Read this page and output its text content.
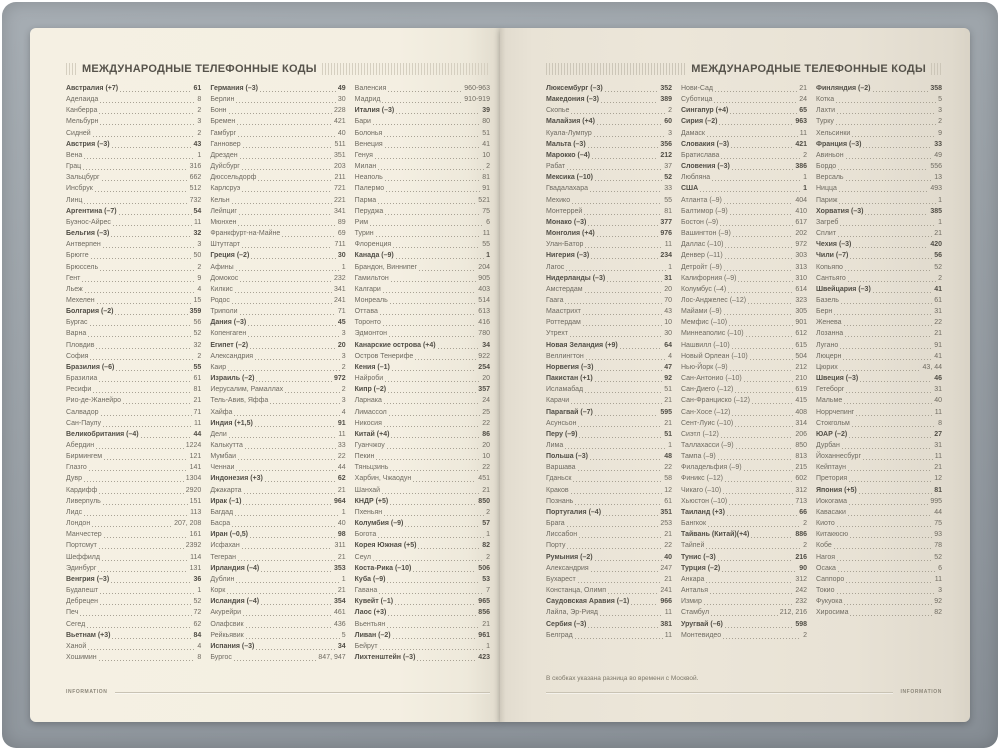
МЕЖДУНАРОДНЫЕ ТЕЛЕФОННЫЕ КОДЫ
Австралия (+7)	61
Аделаида	8
Канберра	2
Мельбурн	3
Сидней	2
Австрия (–3)	43
Вена	1
Грац	316
Зальцбург	662
Инсбрук	512
Линц	732
Аргентина (–7)	54
Буэнос-Айрес	11
Бельгия (–3)	32
Антверпен	3
Брюгге	50
Брюссель	2
Гент	9
Льеж	4
Мехелен	15
Болгария (–2)	359
Бургас	56
Варна	52
Пловдив	32
София	2
Бразилия (–6)	55
Бразилиа	61
Ресифи	81
Рио-де-Жанейро	21
Салвадор	71
Сан-Паулу	11
Великобритания (–4)	44
Абердин	1224
Бирмингем	121
Глазго	141
Дувр	1304
Кардифф	2920
Ливерпуль	151
Лидс	113
Лондон	207, 208
Манчестер	161
Портсмут	2392
Шеффилд	114
Эдинбург	131
Венгрия (–3)	36
Будапешт	1
Дебрецен	52
Печ	72
Сегед	62
Вьетнам (+3)	84
Ханой	4
Хошимин	8
Германия (–3)	49
Берлин	30
Бонн	228
Бремен	421
Гамбург	40
Ганновер	511
Дрезден	351
Дуйсбург	203
Дюссельдорф	211
Карлсруэ	721
Кельн	221
Лейпциг	341
Мюнхен	89
Франкфурт-на-Майне	69
Штутгарт	711
Греция (–2)	30
Афины	1
Домокос	232
Килкис	341
Родос	241
Триполи	71
Дания (–3)	45
Копенгаген	3
Египет (–2)	20
Александрия	3
Каир	2
Израиль (–2)	972
Иерусалим, Рамаллах	2
Тель-Авив, Яффа	3
Хайфа	4
Индия (+1,5)	91
Дели	11
Калькутта	33
Мумбаи	22
Ченнаи	44
Индонезия (+3)	62
Джакарта	21
Ирак (–1)	964
Багдад	1
Басра	40
Иран (–0,5)	98
Исфахан	311
Тегеран	21
Ирландия (–4)	353
Дублин	1
Корк	21
Исландия (–4)	354
Акурейри	461
Олафсвик	436
Рейкьявик	5
Испания (–3)	34
Бургос	847, 947
Валенсия	960-963
Мадрид	910-919
Италия (–3)	39
Бари	80
Болонья	51
Венеция	41
Генуя	10
Милан	2
Неаполь	81
Палермо	91
Парма	521
Перуджа	75
Рим	6
Турин	11
Флоренция	55
Канада (–9)	1
Брандон, Виннипег	204
Гамильтон	905
Калгари	403
Монреаль	514
Оттава	613
Торонто	416
Эдмонтон	780
Канарские острова (+4)	34
Остров Тенерифе	922
Кения (–1)	254
Найроби	20
Кипр (–2)	357
Ларнака	24
Лимассол	25
Никосия	22
Китай (+4)	86
Гуанчжоу	20
Пекин	10
Тяньцзинь	22
Харбин, Чжаодун	451
Шанхай	21
КНДР (+5)	850
Пхеньян	2
Колумбия (–9)	57
Богота	1
Корея Южная (+5)	82
Сеул	2
Коста-Рика (–10)	506
Куба (–9)	53
Гавана	7
Кувейт (–1)	965
Лаос (+3)	856
Вьентьян	21
Ливан (–2)	961
Бейрут	1
Лихтенштейн (–3)	423
INFORMATION
МЕЖДУНАРОДНЫЕ ТЕЛЕФОННЫЕ КОДЫ
Люксембург (–3)	352
Македония (–3)	389
Скопье	2
Малайзия (+4)	60
Куала-Лумпур	3
Мальта (–3)	356
Марокко (–4)	212
Рабат	37
Мексика (–10)	52
Гвадалахара	33
Мехико	55
Монтеррей	81
Монако (–3)	377
Монголия (+4)	976
Улан-Батор	11
Нигерия (–3)	234
Лагос	1
Нидерланды (–3)	31
Амстердам	20
Гаага	70
Маастрихт	43
Роттердам	10
Утрехт	30
Новая Зеландия (+9)	64
Веллингтон	4
Норвегия (–3)	47
Пакистан (+1)	92
Исламабад	51
Карачи	21
Парагвай (–7)	595
Асунсьон	21
Перу (–9)	51
Лима	1
Польша (–3)	48
Варшава	22
Гданьск	58
Краков	12
Познань	61
Португалия (–4)	351
Брага	253
Лиссабон	21
Порту	22
Румыния (–2)	40
Александрия	247
Бухарест	21
Констанца, Олимп	241
Саудовская Аравия (–1)	966
Лайла, Эр-Рияд	11
Сербия (–3)	381
Белград	11
Нови-Сад	21
Суботица	24
Сингапур (+4)	65
Сирия (–2)	963
Дамаск	11
Словакия (–3)	421
Братислава	2
Словения (–3)	386
Любляна	1
США	1
Атланта (–9)	404
Балтимор (–9)	410
Бостон (–9)	617
Вашингтон (–9)	202
Даллас (–10)	972
Денвер (–11)	303
Детройт (–9)	313
Калифорния (–9)	310
Колумбус (–4)	614
Лос-Анджелес (–12)	323
Майами (–9)	305
Мемфис (–10)	901
Миннеаполис (–10)	612
Нашвилл (–10)	615
Новый Орлеан (–10)	504
Нью-Йорк (–9)	212
Сан-Антонио (–10)	210
Сан-Диего (–12)	619
Сан-Франциско (–12)	415
Сан-Хосе (–12)	408
Сент-Луис (–10)	314
Сиэтл (–12)	206
Таллахасси (–9)	850
Тампа (–9)	813
Филадельфия (–9)	215
Финикс (–12)	602
Чикаго (–10)	312
Хьюстон (–10)	713
Таиланд (+3)	66
Бангкок	2
Тайвань (Китай)(+4)	886
Тайпей	2
Тунис (–3)	216
Турция (–2)	90
Анкара	312
Анталья	242
Измир	232
Стамбул	212, 216
Уругвай (–6)	598
Монтевидео	2
Финляндия (–2)	358
Котка	5
Лахти	3
Турку	2
Хельсинки	9
Франция (–3)	33
Авиньон	49
Бордо	556
Версаль	13
Ницца	493
Париж	1
Хорватия (–3)	385
Загреб	1
Сплит	21
Чехия (–3)	420
Чили (–7)	56
Копьяпо	52
Сантьяго	2
Швейцария (–3)	41
Базель	61
Берн	31
Женева	22
Лозанна	21
Лугано	91
Люцерн	41
Цюрих	43, 44
Швеция (–3)	46
Гетеборг	31
Мальме	40
Норрчепинг	11
Стокгольм	8
ЮАР (–2)	27
Дурбан	31
Йоханнесбург	11
Кейптаун	21
Претория	12
Япония (+5)	81
Иокогама	995
Кавасаки	44
Киото	75
Китакюсю	93
Кобе	78
Нагоя	52
Осака	6
Саппоро	11
Токио	3
Фукуока	92
Хиросима	82
В скобках указана разница во времени с Москвой.
INFORMATION
